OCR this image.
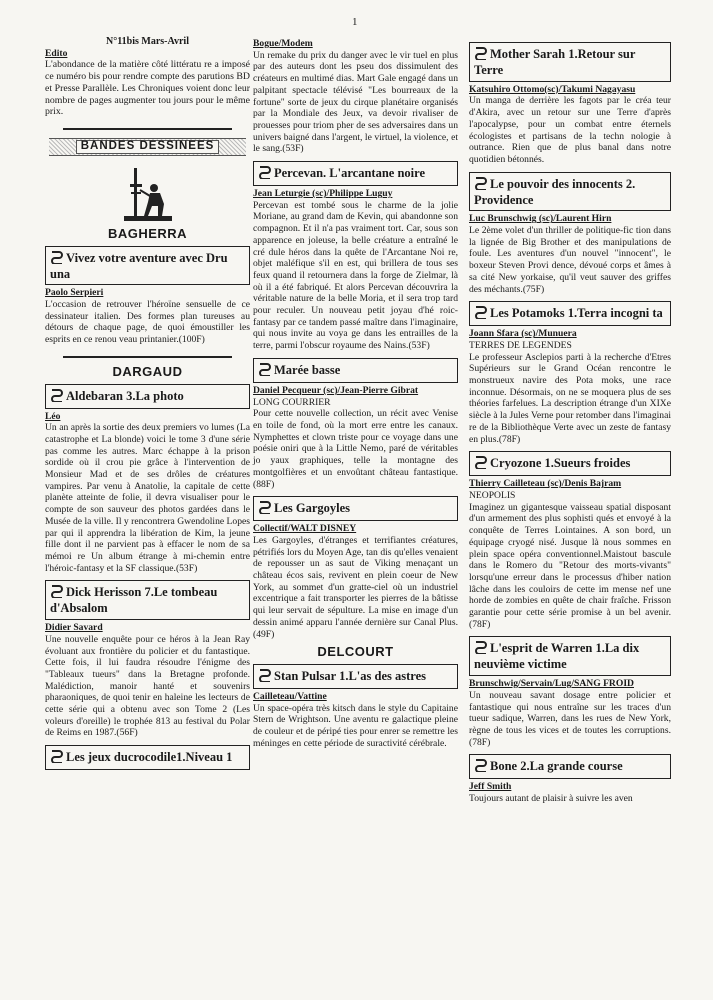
1
N°11bis Mars-Avril
Edito

L'abondance de la matière côté littératu re a imposé ce numéro bis pour rendre compte des parutions BD et Presse Parallèle. Les Chroniques voient donc leur nombre de pages augmenter tou jours pour le même prix.

BANDES DESSINEES
BAGHERRA
Vivez votre aventure avec Dru una
Paolo Serpieri

L'occasion de retrouver l'héroïne sensuelle de ce dessinateur italien. Des formes plan tureuses au détours de chaque page, de quoi émoustiller les esprits en ce renou veau printanier.(100F)

DARGAUD
Aldebaran 3.La photo
Léo

Un an après la sortie des deux premiers vo lumes (La catastrophe et La blonde) voici le tome 3 d'une série pas comme les autres. Marc échappe à la prison sordide où il crou pie grâce à l'intervention de Monsieur Mad et de ses drôles de créatures vampires. Par venu à Anatolie, la capitale de cette planète atteinte de folie, il devra visualiser pour le compte de son sauveur des photos gardées dans le Musée de la ville. Il y rencontrera Gwendoline Lopes par qui il apprendra la libération de Kim, la jeune fille dont il ne parvient pas à effacer le nom de sa mémoi re Un album étrange à mi-chemin entre l'héroic-fantasy et la SF classique.(53F)

Dick Herisson 7.Le tombeau d'Absalom
Didier Savard

Une nouvelle enquête pour ce héros à la Jean Ray évoluant aux frontière du policier et du fantastique. Cette fois, il lui faudra résoudre l'énigme des "Tableaux tueurs" dans la Bretagne profonde. Malédiction, manoir hanté et souvenirs pharaoniques, de quoi tenir en haleine les lecteurs de cette série qui a obtenu avec son Tome 2 (Les voleurs d'oreille) le trophée 813 au festival du Polar de Reims en 1987.(56F)

Les jeux ducrocodile1.Niveau 1
Bogue/Modem

Un remake du prix du danger avec le vir tuel en plus par des auteurs dont les pseu dos dissimulent des créateurs en multimé dias. Mart Gale engagé dans un palpitant spectacle télévisé "Les bourreaux de la fortune" sorte de jeux du cirque planétaire organisés par la Mondiale des Jeux, va devoir rivaliser de prouesses pour triom pher de ses adversaires dans un univers baigné dans l'argent, le virtuel, la violence, et le sang.(53F)

Percevan. L'arcantane noire
Jean Leturgie (sc)/Philippe Luguy

Percevan est tombé sous le charme de la jolie Moriane, au grand dam de Kevin, qui abandonne son compagnon. Et il n'a pas vraiment tort. Car, sous son apparence en joleuse, la belle créature a entraîné le cré dule héros dans la quête de l'Arcantane Noi re, objet maléfique s'il en est, qui brillera de tous ses feux quand il retournera dans la forge de Zielmar, là où il a été fabriqué. Et alors Percevan découvrira la véritable nature de la belle Moria, et il sera trop tard pour reculer. Un nouveau petit joyau d'hé roic-fantasy par ce tandem passé maître dans l'imaginaire, qui nous invite au voya ge dans les entrailles de la terre, parmi l'obscur royaume des Nains.(53F)

Marée basse
Daniel Pecqueur (sc)/Jean-Pierre Gibrat
LONG COURRIER

Pour cette nouvelle collection, un récit avec Venise en toile de fond, où la mort erre entre les canaux. Nymphettes et clown triste pour ce voyage dans une poésie oniri que à la Little Nemo, paré de véritables jo yaux graphiques, telle la montagne des montgolfières et un envoûtant château fantastique.(88F)

Les Gargoyles
Collectif/WALT DISNEY

Les Gargoyles, d'étranges et terrifiantes créatures, pétrifiés lors du Moyen Age, tan dis qu'elles venaient de repousser un as saut de Viking menaçant un château écos sais, revivent en plein coeur de New York, au sommet d'un gratte-ciel où un industriel excentrique a fait transporter les pierres de la bâtisse qui leur servait de sépulture. La mise en image d'un dessin animé apparu l'année dernière sur Canal Plus.(49F)

DELCOURT
Stan Pulsar 1.L'as des astres
Cailleteau/Vattine

Un space-opéra très kitsch dans le style du Capitaine Stern de Wrightson. Une aventu re galactique pleine de couleur et de péripé ties pour enrer se remettre les méninges en cette période de suractivité cérébrale.

Mother Sarah 1.Retour sur Terre
Katsuhiro Ottomo(sc)/Takumi Nagayasu

Un manga de derrière les fagots par le créa teur d'Akira, avec un retour sur une Terre d'après l'apocalypse, pour un combat entre éternels écologistes et partisans de la techn nologie à outrance. Rien que de plus banal dans notre quotidien bétonnés.

Le pouvoir des innocents 2. Providence
Luc Brunschwig (sc)/Laurent Hirn

Le 2ème volet d'un thriller de politique-fic tion dans la lignée de Big Brother et des manipulations de foule. Les aventures d'un nouvel "innocent", le boxeur Steven Provi dence, dévoué corps et âmes à sa cité New yorkaise, qu'il veut sauver des griffes des méchants.(75F)

Les Potamoks 1.Terra incogni ta
Joann Sfara (sc)/Munuera
TERRES DE LEGENDES

Le professeur Asclepios parti à la recherche d'Etres Supérieurs sur le Grand Océan rencontre le monstrueux navire des Pota moks, une race inconnue. Désormais, on ne se moquera plus de ses théories farfelues. La description étrange d'un XIXe siècle à la Jules Verne pour retomber dans l'imaginai re de la Bibliothèque Verte avec un zeste de fantasy en plus.(78F)

Cryozone 1.Sueurs froides
Thierry Cailleteau (sc)/Denis Bajram
NEOPOLIS

Imaginez un gigantesque vaisseau spatial disposant d'un armement des plus sophisti qués et envoyé à la conquête de Terres Lointaines. A son bord, un équipage cryogé nisé. Jusque là nous sommes en plein space opéra conventionnel.Maistout bascule dans le Romero du "Retour des morts-vivants" lorsqu'une erreur dans le processus d'hiber nation lâche dans les couloirs de cette im mense nef une horde de zombies en quête de chair fraîche. Frisson garantie pour cette série promise à un bel avenir.(78F)

L'esprit de Warren 1.La dix neuvième victime
Brunschwig/Servain/Lug/SANG FROID

Un nouveau savant dosage entre policier et fantastique qui nous entraîne sur les traces d'un tueur sadique, Warren, dans les rues de New York, règne de tous les vices et de toutes les corruptions.(78F)

Bone 2.La grande course
Jeff Smith

Toujours autant de plaisir à suivre les aven
